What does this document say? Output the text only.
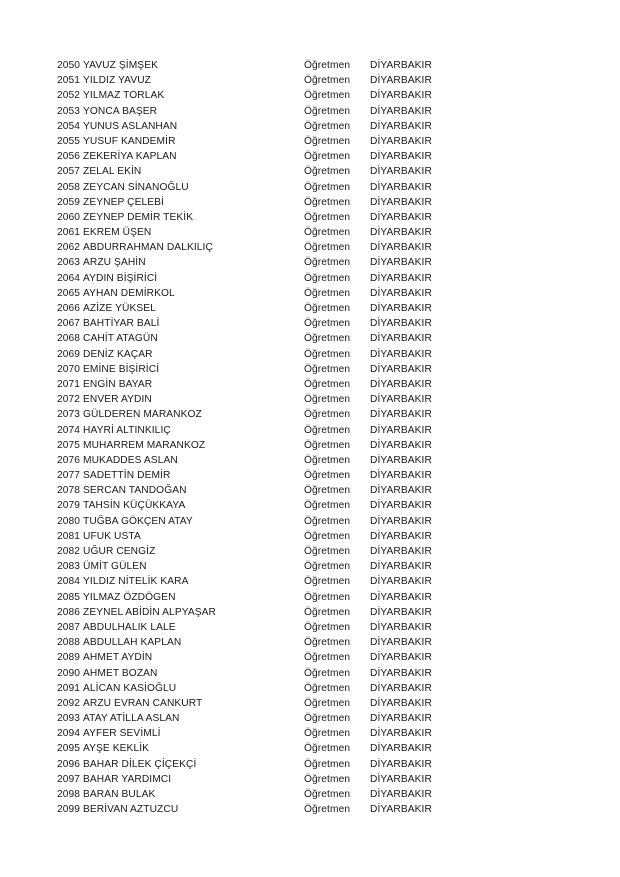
2050 YAVUZ ŞİMŞEK	Öğretmen DİYARBAKIR
2051 YILDIZ YAVUZ	Öğretmen DİYARBAKIR
2052 YILMAZ TORLAK	Öğretmen DİYARBAKIR
2053 YONCA BAŞER	Öğretmen DİYARBAKIR
2054 YUNUS ASLANHAN	Öğretmen DİYARBAKIR
2055 YUSUF KANDEMİR	Öğretmen DİYARBAKIR
2056 ZEKERİYA KAPLAN	Öğretmen DİYARBAKIR
2057 ZELAL EKİN	Öğretmen DİYARBAKIR
2058 ZEYCAN SİNANOĞLU	Öğretmen DİYARBAKIR
2059 ZEYNEP ÇELEBİ	Öğretmen DİYARBAKIR
2060 ZEYNEP DEMİR TEKİK	Öğretmen DİYARBAKIR
2061 EKREM ÜŞEN	Öğretmen DİYARBAKIR
2062 ABDURRAHMAN DALKILIÇ	Öğretmen DİYARBAKIR
2063 ARZU ŞAHİN	Öğretmen DİYARBAKIR
2064 AYDIN BİŞİRİCİ	Öğretmen DİYARBAKIR
2065 AYHAN DEMİRKOL	Öğretmen DİYARBAKIR
2066 AZİZE YÜKSEL	Öğretmen DİYARBAKIR
2067 BAHTİYAR BALİ	Öğretmen DİYARBAKIR
2068 CAHİT ATAGÜN	Öğretmen DİYARBAKIR
2069 DENİZ KAÇAR	Öğretmen DİYARBAKIR
2070 EMİNE BİŞİRİCİ	Öğretmen DİYARBAKIR
2071 ENGİN BAYAR	Öğretmen DİYARBAKIR
2072 ENVER AYDIN	Öğretmen DİYARBAKIR
2073 GÜLDEREN MARANKOZ	Öğretmen DİYARBAKIR
2074 HAYRİ ALTINKILIÇ	Öğretmen DİYARBAKIR
2075 MUHARREM MARANKOZ	Öğretmen DİYARBAKIR
2076 MUKADDES ASLAN	Öğretmen DİYARBAKIR
2077 SADETTİN DEMİR	Öğretmen DİYARBAKIR
2078 SERCAN TANDOĞAN	Öğretmen DİYARBAKIR
2079 TAHSİN KÜÇÜKKAYA	Öğretmen DİYARBAKIR
2080 TUĞBA GÖKÇEN ATAY	Öğretmen DİYARBAKIR
2081 UFUK USTA	Öğretmen DİYARBAKIR
2082 UĞUR CENGİZ	Öğretmen DİYARBAKIR
2083 ÜMİT GÜLEN	Öğretmen DİYARBAKIR
2084 YILDIZ NİTELİK KARA	Öğretmen DİYARBAKIR
2085 YILMAZ ÖZDÖGEN	Öğretmen DİYARBAKIR
2086 ZEYNEL ABİDİN ALPYAŞAR	Öğretmen DİYARBAKIR
2087 ABDULHALIK LALE	Öğretmen DİYARBAKIR
2088 ABDULLAH KAPLAN	Öğretmen DİYARBAKIR
2089 AHMET AYDİN	Öğretmen DİYARBAKIR
2090 AHMET BOZAN	Öğretmen DİYARBAKIR
2091 ALİCAN KASİOĞLU	Öğretmen DİYARBAKIR
2092 ARZU EVRAN CANKURT	Öğretmen DİYARBAKIR
2093 ATAY ATİLLA ASLAN	Öğretmen DİYARBAKIR
2094 AYFER SEVİMLİ	Öğretmen DİYARBAKIR
2095 AYŞE KEKLİK	Öğretmen DİYARBAKIR
2096 BAHAR DİLEK ÇİÇEKÇİ	Öğretmen DİYARBAKIR
2097 BAHAR YARDIMCI	Öğretmen DİYARBAKIR
2098 BARAN BULAK	Öğretmen DİYARBAKIR
2099 BERİVAN AZTUZCU	Öğretmen DİYARBAKIR
